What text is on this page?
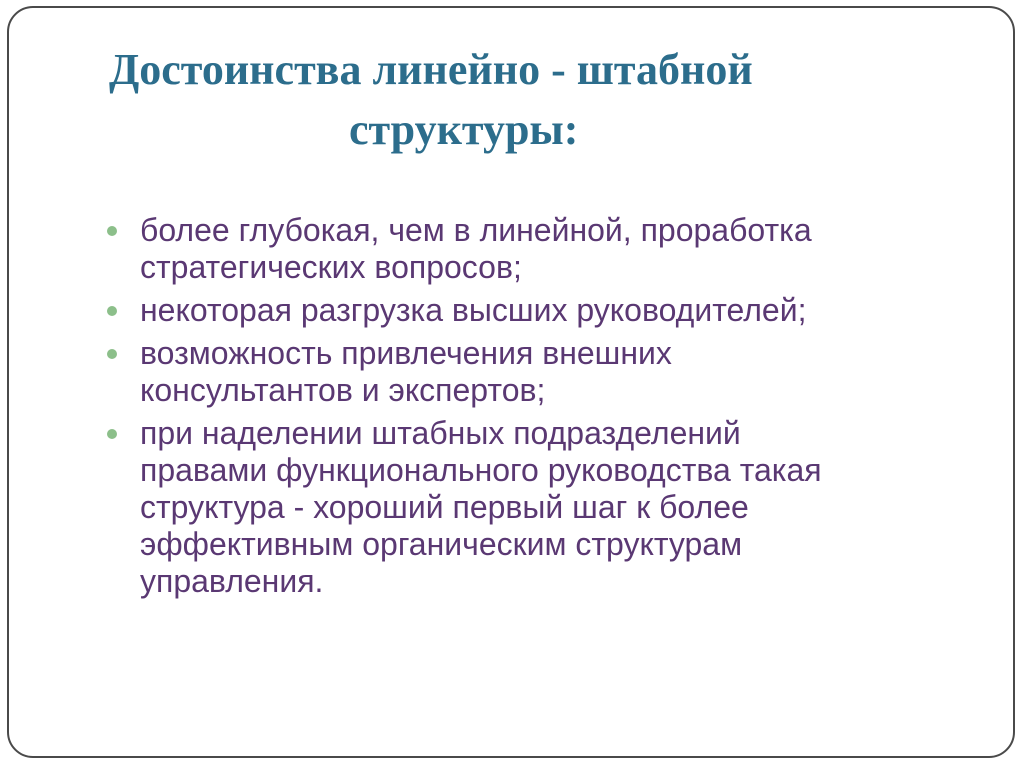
Достоинства линейно - штабной
структуры:
более глубокая, чем в линейной, проработка
стратегических вопросов;
некоторая разгрузка высших руководителей;
возможность привлечения внешних
консультантов и экспертов;
при наделении штабных подразделений
правами функционального руководства такая
структура - хороший первый шаг к более
эффективным органическим структурам
управления.
